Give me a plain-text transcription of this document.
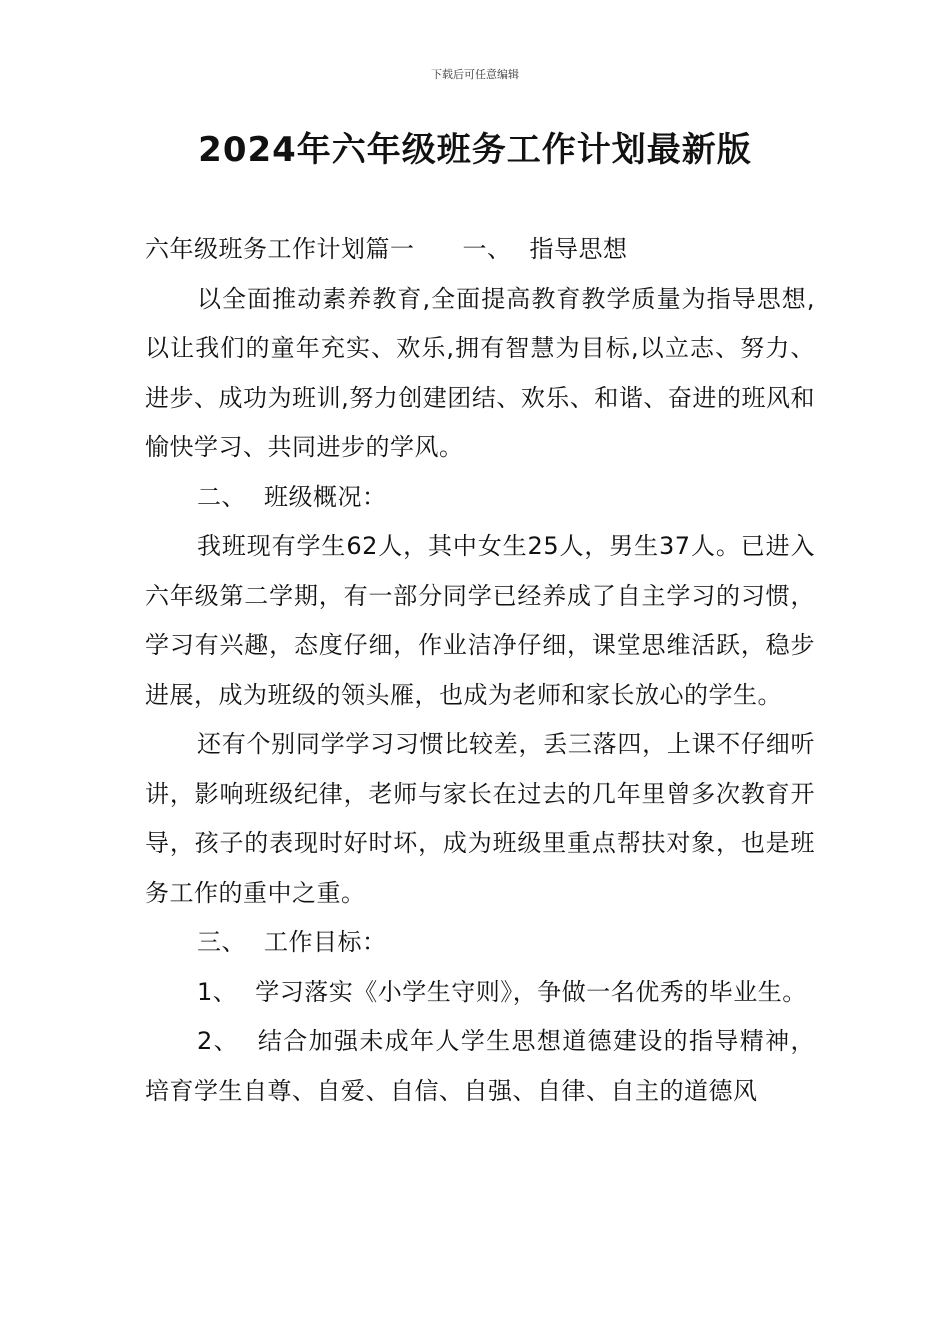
下载后可任意编辑
2024年六年级班务工作计划最新版

六年级班务工作计划篇一 一、 指导思想

以全面推动素养教育,全面提高教育教学质量为指导思想,以让我们的童年充实、欢乐,拥有智慧为目标,以立志、努力、进步、成功为班训,努力创建团结、欢乐、和谐、奋进的班风和愉快学习、共同进步的学风。

二、 班级概况：

我班现有学生62人，其中女生25人，男生37人。已进入六年级第二学期，有一部分同学已经养成了自主学习的习惯，学习有兴趣，态度仔细，作业洁净仔细，课堂思维活跃，稳步进展，成为班级的领头雁，也成为老师和家长放心的学生。

还有个别同学学习习惯比较差，丢三落四，上课不仔细听讲，影响班级纪律，老师与家长在过去的几年里曾多次教育开导，孩子的表现时好时坏，成为班级里重点帮扶对象，也是班务工作的重中之重。

三、 工作目标：

1、 学习落实《小学生守则》，争做一名优秀的毕业生。

2、 结合加强未成年人学生思想道德建设的指导精神，培育学生自尊、自爱、自信、自强、自律、自主的道德风
